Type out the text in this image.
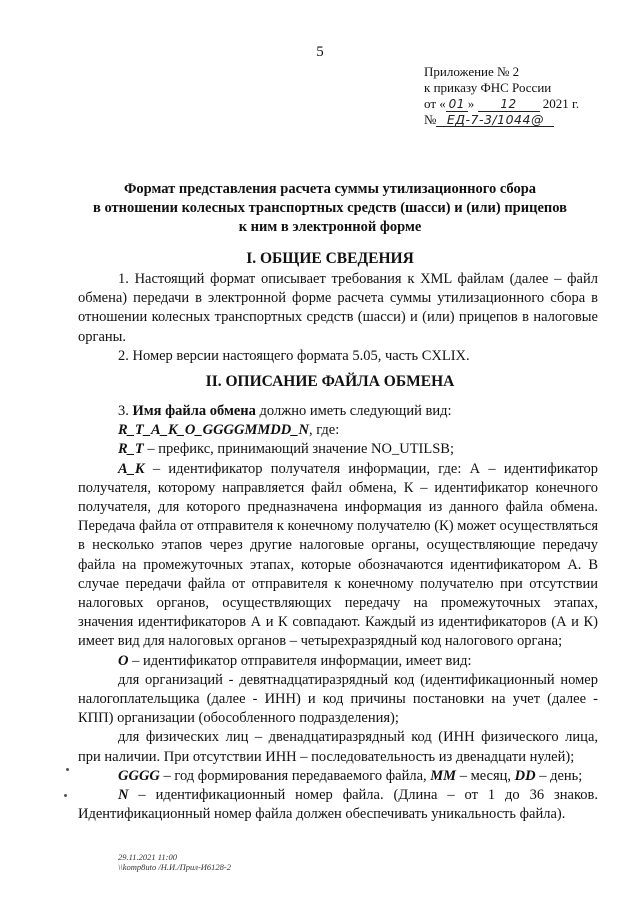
5
Приложение № 2
к приказу ФНС России
от « 01 » 12 2021 г.
№ ЕД-7-3/1044@
Формат представления расчета суммы утилизационного сбора
в отношении колесных транспортных средств (шасси) и (или) прицепов
к ним в электронной форме
I. ОБЩИЕ СВЕДЕНИЯ

1. Настоящий формат описывает требования к XML файлам (далее – файл обмена) передачи в электронной форме расчета суммы утилизационного сбора в отношении колесных транспортных средств (шасси) и (или) прицепов в налоговые органы.

2. Номер версии настоящего формата 5.05, часть CXLIX.

II. ОПИСАНИЕ ФАЙЛА ОБМЕНА

3. Имя файла обмена должно иметь следующий вид:

R_T_A_K_O_GGGGMMDD_N, где:

R_T – префикс, принимающий значение NO_UTILSB;

A_K – идентификатор получателя информации, где: А – идентификатор получателя, которому направляется файл обмена, К – идентификатор конечного получателя, для которого предназначена информация из данного файла обмена. Передача файла от отправителя к конечному получателю (К) может осуществляться в несколько этапов через другие налоговые органы, осуществляющие передачу файла на промежуточных этапах, которые обозначаются идентификатором А. В случае передачи файла от отправителя к конечному получателю при отсутствии налоговых органов, осуществляющих передачу на промежуточных этапах, значения идентификаторов А и К совпадают. Каждый из идентификаторов (А и К) имеет вид для налоговых органов – четырехразрядный код налогового органа;

O – идентификатор отправителя информации, имеет вид:

для организаций - девятнадцатиразрядный код (идентификационный номер налогоплательщика (далее - ИНН) и код причины постановки на учет (далее - КПП) организации (обособленного подразделения);

для физических лиц – двенадцатиразрядный код (ИНН физического лица, при наличии. При отсутствии ИНН – последовательность из двенадцати нулей);

GGGG – год формирования передаваемого файла, MM – месяц, DD – день;

N – идентификационный номер файла. (Длина – от 1 до 36 знаков. Идентификационный номер файла должен обеспечивать уникальность файла).

29.11.2021 11:00
\\komp8uto /Н.И./Прил-И6128-2
